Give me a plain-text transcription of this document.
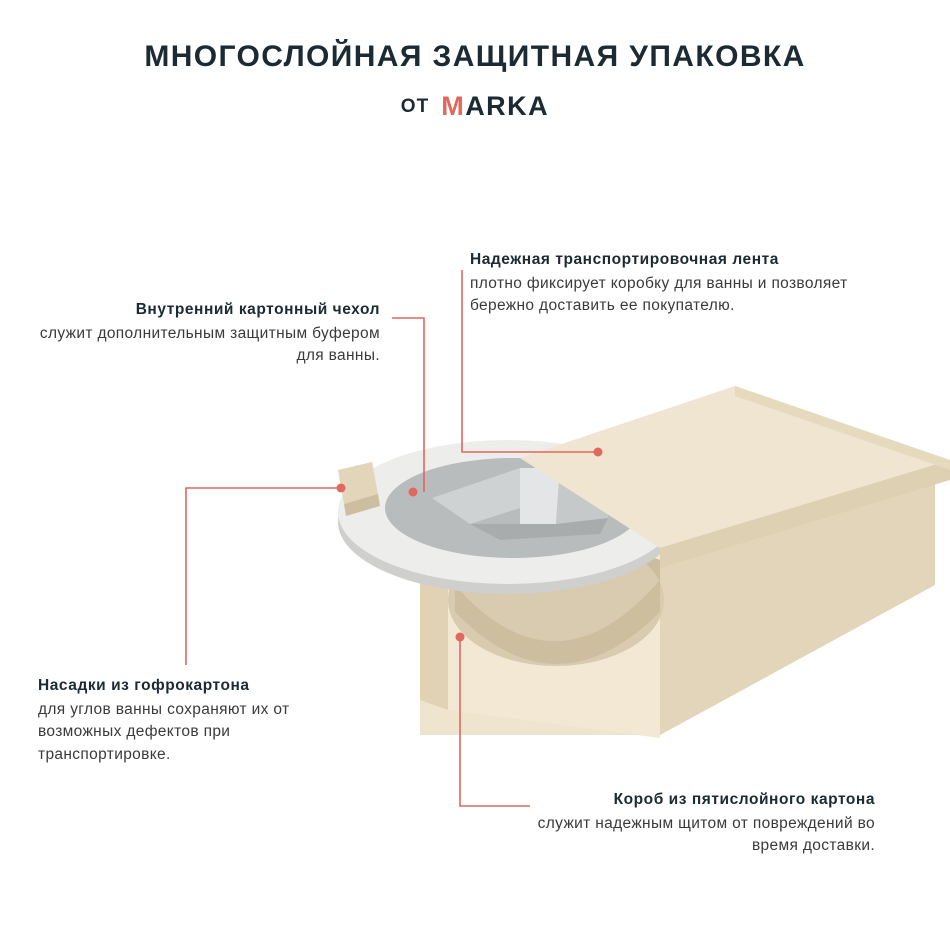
МНОГОСЛОЙНАЯ ЗАЩИТНАЯ УПАКОВКА
ОТ MARKA

Надежная транспортировочная лента

плотно фиксирует коробку для ванны и позволяет бережно доставить ее покупателю.

Внутренний картонный чехол

служит дополнительным защитным буфером для ванны.

Насадки из гофрокартона

для углов ванны сохраняют их от возможных дефектов при транспортировке.

Короб из пятислойного картона

служит надежным щитом от повреждений во время доставки.
